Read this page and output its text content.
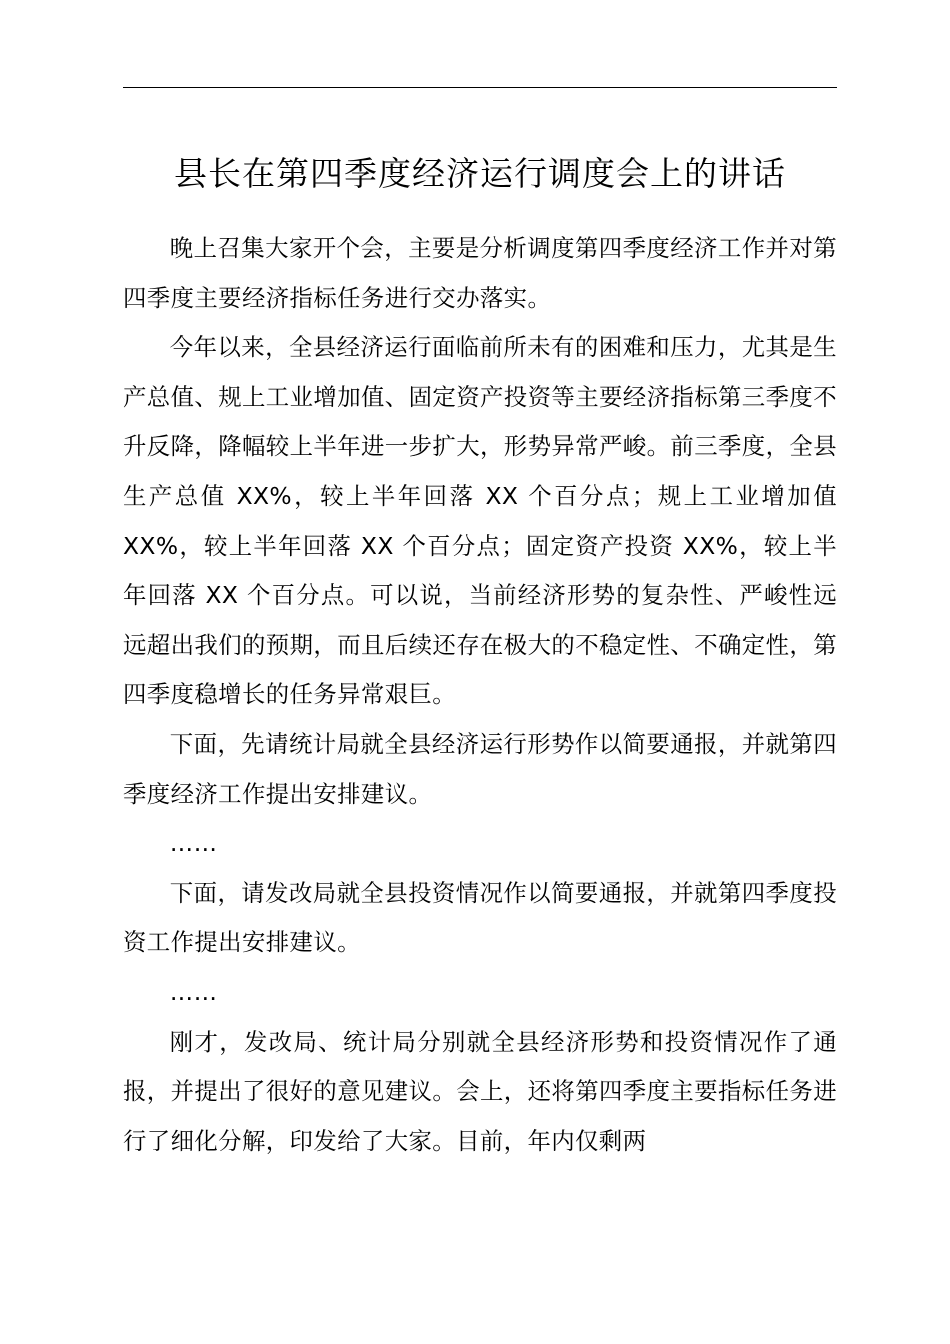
县长在第四季度经济运行调度会上的讲话

晚上召集大家开个会，主要是分析调度第四季度经济工作并对第四季度主要经济指标任务进行交办落实。

今年以来，全县经济运行面临前所未有的困难和压力，尤其是生产总值、规上工业增加值、固定资产投资等主要经济指标第三季度不升反降，降幅较上半年进一步扩大，形势异常严峻。前三季度，全县生产总值 XX%，较上半年回落 XX 个百分点；规上工业增加值 XX%，较上半年回落 XX 个百分点；固定资产投资 XX%，较上半年回落 XX 个百分点。可以说，当前经济形势的复杂性、严峻性远远超出我们的预期，而且后续还存在极大的不稳定性、不确定性，第四季度稳增长的任务异常艰巨。

下面，先请统计局就全县经济运行形势作以简要通报，并就第四季度经济工作提出安排建议。

……

下面，请发改局就全县投资情况作以简要通报，并就第四季度投资工作提出安排建议。

……

刚才，发改局、统计局分别就全县经济形势和投资情况作了通报，并提出了很好的意见建议。会上，还将第四季度主要指标任务进行了细化分解，印发给了大家。目前，年内仅剩两
